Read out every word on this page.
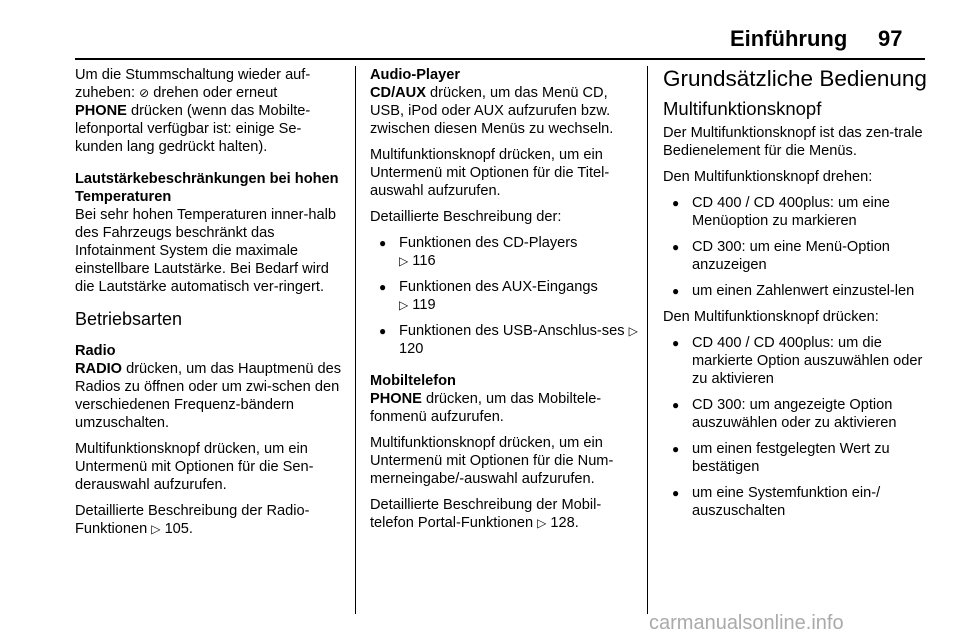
Einführung 97

Um die Stummschaltung wieder auf-
zuheben: ⊘ drehen oder erneut
PHONE drücken (wenn das Mobilte-
lefonportal verfügbar ist: einige Se-
kunden lang gedrückt halten).

Lautstärkebeschränkungen bei hohen Temperaturen

Bei sehr hohen Temperaturen inner-halb des Fahrzeugs beschränkt das Infotainment System die maximale einstellbare Lautstärke. Bei Bedarf wird die Lautstärke automatisch ver-ringert.

Betriebsarten
Radio

RADIO drücken, um das Hauptmenü des Radios zu öffnen oder um zwi-schen den verschiedenen Frequenz-bändern umzuschalten.

Multifunktionsknopf drücken, um ein Untermenü mit Optionen für die Sen-derauswahl aufzurufen.

Detaillierte Beschreibung der Radio-Funktionen ▷ 105.

Audio-Player

CD/AUX drücken, um das Menü CD, USB, iPod oder AUX aufzurufen bzw. zwischen diesen Menüs zu wechseln.

Multifunktionsknopf drücken, um ein Untermenü mit Optionen für die Titel-auswahl aufzurufen.

Detaillierte Beschreibung der:

● Funktionen des CD-Players
▷ 116
● Funktionen des AUX-Eingangs
▷ 119
● Funktionen des USB-Anschlus-ses ▷ 120
Mobiltelefon

PHONE drücken, um das Mobiltele-fonmenü aufzurufen.

Multifunktionsknopf drücken, um ein Untermenü mit Optionen für die Num-merneingabe/-auswahl aufzurufen.

Detaillierte Beschreibung der Mobil-telefon Portal-Funktionen ▷ 128.

Grundsätzliche Bedienung
Multifunktionsknopf

Der Multifunktionsknopf ist das zen-trale Bedienelement für die Menüs.

Den Multifunktionsknopf drehen:

● CD 400 / CD 400plus: um eine Menüoption zu markieren
● CD 300: um eine Menü-Option anzuzeigen
● um einen Zahlenwert einzustel-len

Den Multifunktionsknopf drücken:

● CD 400 / CD 400plus: um die markierte Option auszuwählen oder zu aktivieren
● CD 300: um angezeigte Option auszuwählen oder zu aktivieren
● um einen festgelegten Wert zu bestätigen
● um eine Systemfunktion ein-/ auszuschalten
carmanualsonline.info
